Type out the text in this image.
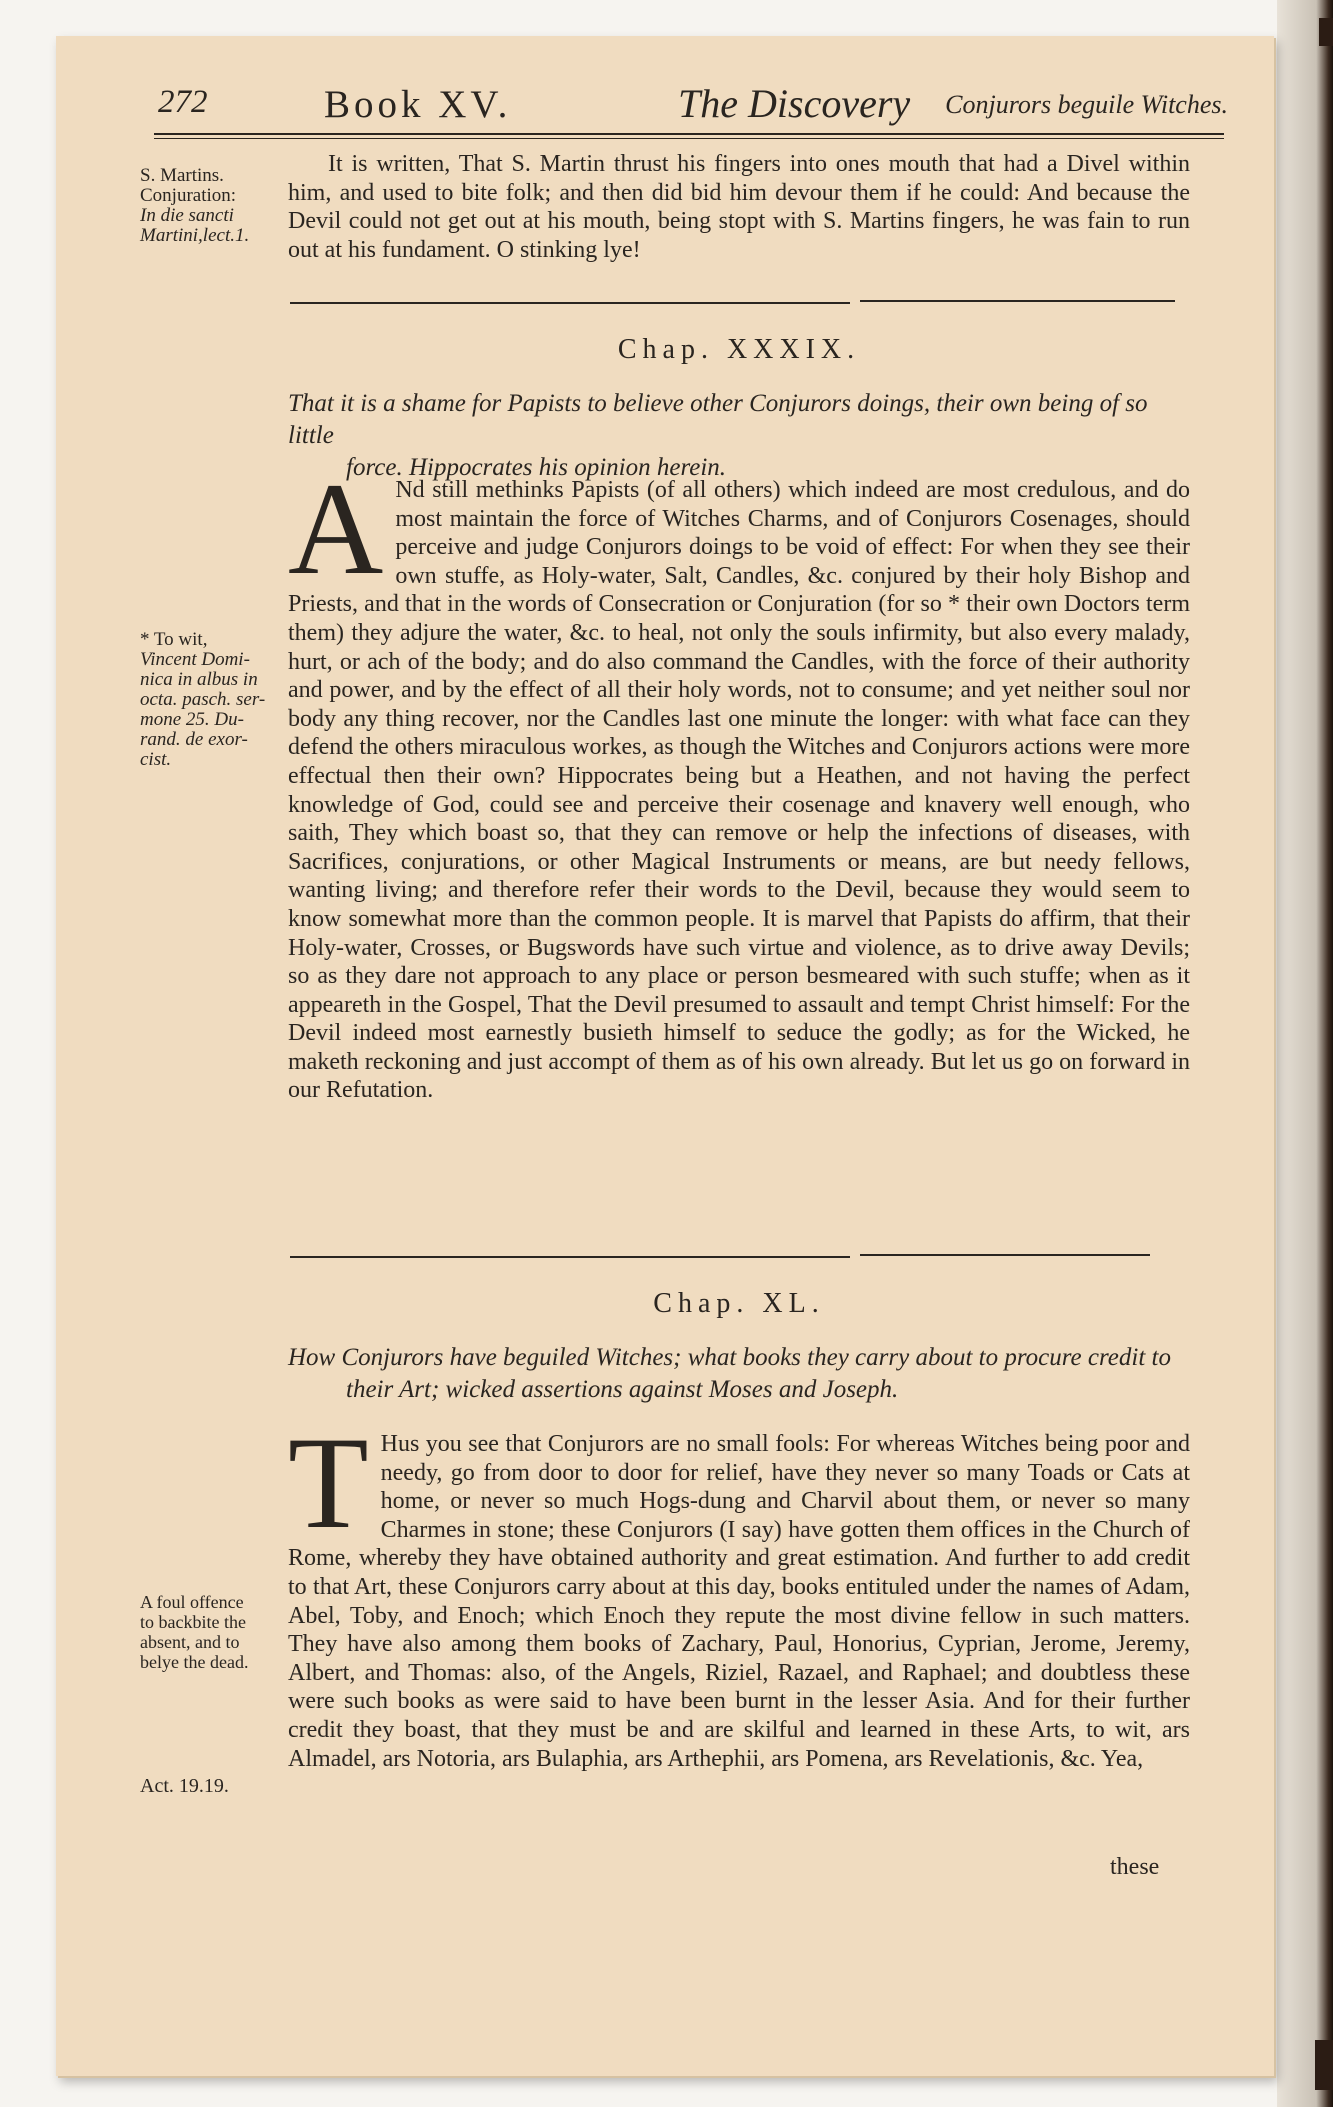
272	Book XV.	The Discovery Conjurors beguile Witches.
S. Martins.
Conjuration:
In die sancti
Martini,lect.1.

It is written, That S. Martin thrust his fingers into ones mouth that had a Divel within him, and used to bite folk; and then did bid him devour them if he could: And because the Devil could not get out at his mouth, being stopt with S. Martins fingers, he was fain to run out at his fundament. O stinking lye!

Chap. XXXIX.
That it is a shame for Papists to believe other Conjurors doings, their own being of so little
force. Hippocrates his opinion herein.
* To wit,
Vincent Domi-
nica in albus in
octa. pasch. ser-
mone 25. Du-
rand. de exor-
cist.
A Nd still methinks Papists (of all others) which indeed are most credulous, and do most maintain the force of Witches Charms, and of Conjurors Cosenages, should perceive and judge Conjurors doings to be void of effect: For when they see their own stuffe, as Holy-water, Salt, Candles, &c. conjured by their holy Bishop and Priests, and that in the words of Consecration or Conjuration (for so * their own Doctors term them) they adjure the water, &c. to heal, not only the souls infirmity, but also every malady, hurt, or ach of the body; and do also command the Candles, with the force of their authority and power, and by the effect of all their holy words, not to consume; and yet neither soul nor body any thing recover, nor the Candles last one minute the longer: with what face can they defend the others miraculous workes, as though the Witches and Conjurors actions were more effectual then their own? Hippocrates being but a Heathen, and not having the perfect knowledge of God, could see and perceive their cosenage and knavery well enough, who saith, They which boast so, that they can remove or help the infections of diseases, with Sacrifices, conjurations, or other Magical Instruments or means, are but needy fellows, wanting living; and therefore refer their words to the Devil, because they would seem to know somewhat more than the common people. It is marvel that Papists do affirm, that their Holy-water, Crosses, or Bugswords have such virtue and violence, as to drive away Devils; so as they dare not approach to any place or person besmeared with such stuffe; when as it appeareth in the Gospel, That the Devil presumed to assault and tempt Christ himself: For the Devil indeed most earnestly busieth himself to seduce the godly; as for the Wicked, he maketh reckoning and just accompt of them as of his own already. But let us go on forward in our Refutation.
Chap. XL.
How Conjurors have beguiled Witches; what books they carry about to procure credit to
their Art; wicked assertions against Moses and Joseph.
A foul offence
to backbite the
absent, and to
belye the dead.
Act. 19.19.
T Hus you see that Conjurors are no small fools: For whereas Witches being poor and needy, go from door to door for relief, have they never so many Toads or Cats at home, or never so much Hogs-dung and Charvil about them, or never so many Charmes in stone; these Conjurors (I say) have gotten them offices in the Church of Rome, whereby they have obtained authority and great estimation. And further to add credit to that Art, these Conjurors carry about at this day, books entituled under the names of Adam, Abel, Toby, and Enoch; which Enoch they repute the most divine fellow in such matters. They have also among them books of Zachary, Paul, Honorius, Cyprian, Jerome, Jeremy, Albert, and Thomas: also, of the Angels, Riziel, Razael, and Raphael; and doubtless these were such books as were said to have been burnt in the lesser Asia. And for their further credit they boast, that they must be and are skilful and learned in these Arts, to wit, ars Almadel, ars Notoria, ars Bulaphia, ars Arthephii, ars Pomena, ars Revelationis, &c. Yea,
these
